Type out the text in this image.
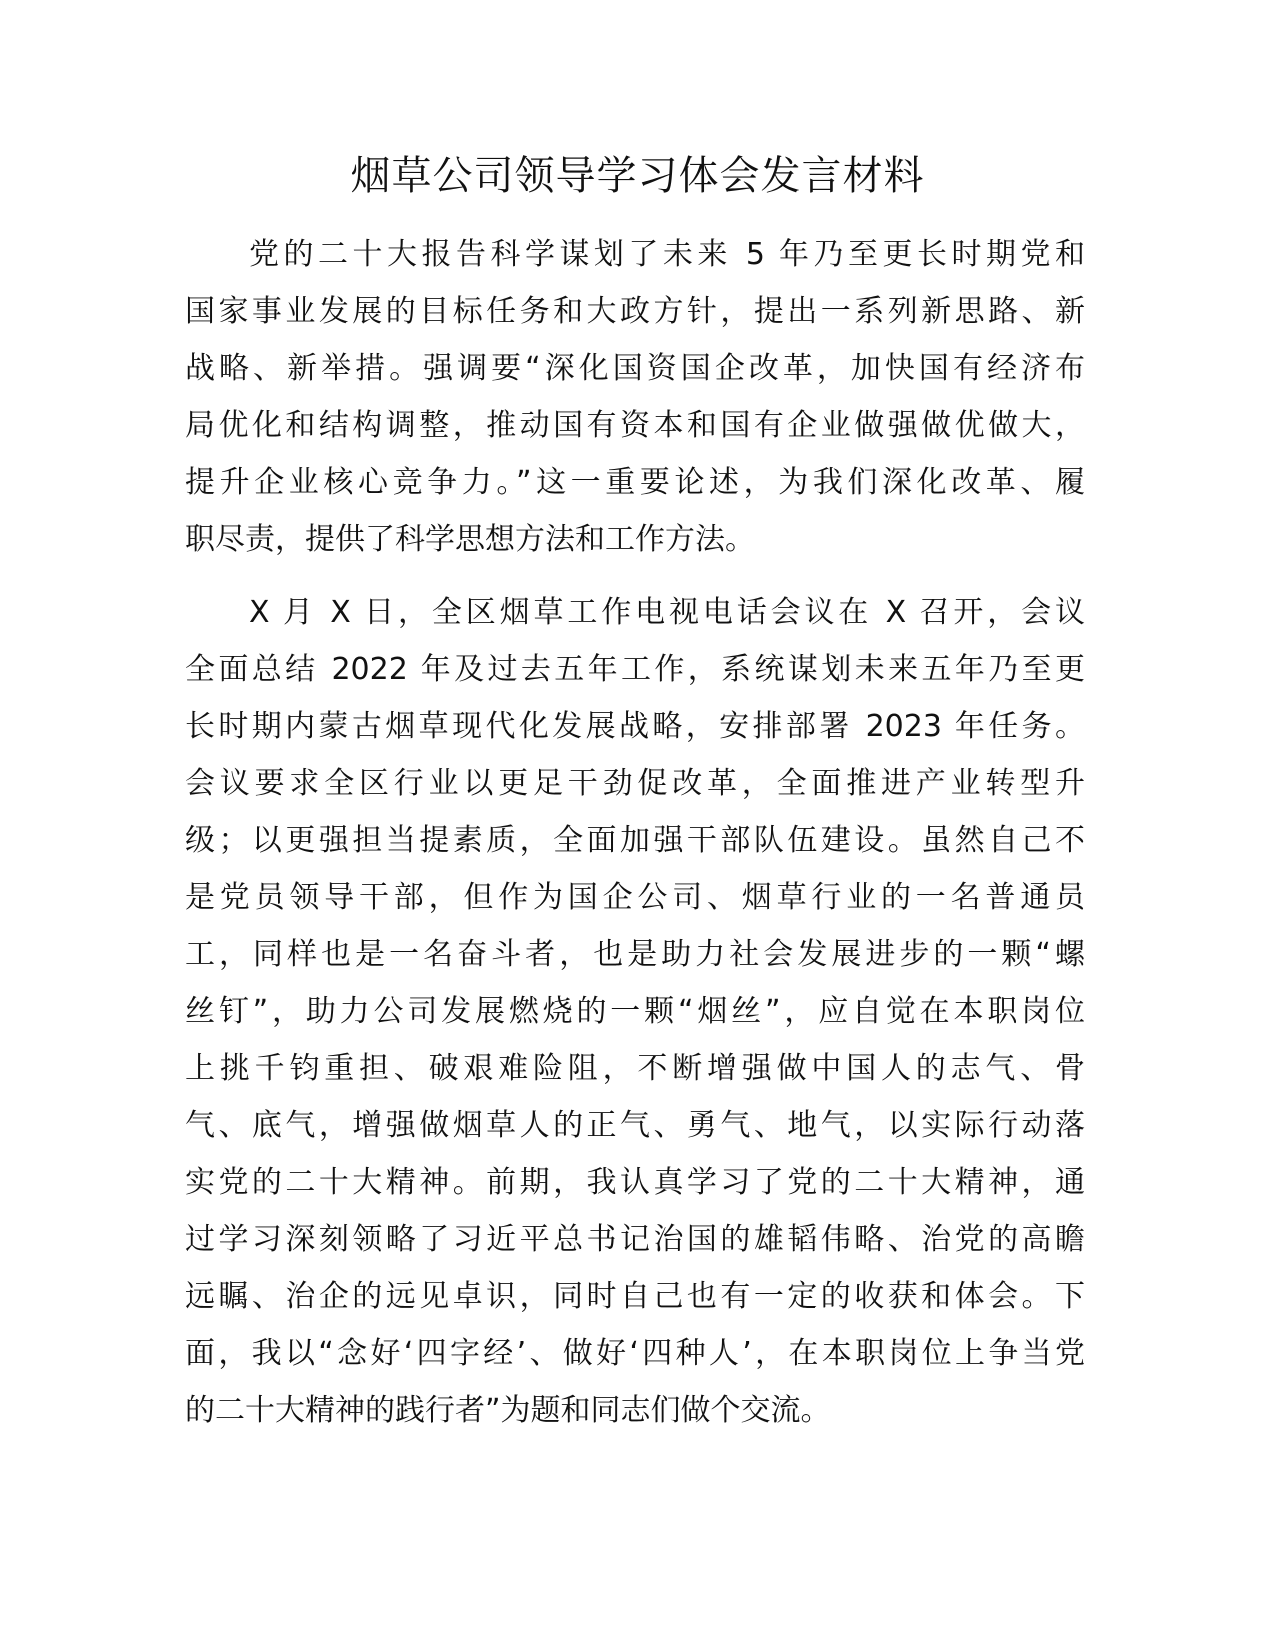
烟草公司领导学习体会发言材料

党的二十大报告科学谋划了未来 5 年乃至更长时期党和
国家事业发展的目标任务和大政方针，提出一系列新思路、新
战略、新举措。强调要“深化国资国企改革，加快国有经济布
局优化和结构调整，推动国有资本和国有企业做强做优做大，
提升企业核心竞争力。”这一重要论述，为我们深化改革、履
职尽责，提供了科学思想方法和工作方法。

X 月 X 日，全区烟草工作电视电话会议在 X 召开，会议
全面总结 2022 年及过去五年工作，系统谋划未来五年乃至更
长时期内蒙古烟草现代化发展战略，安排部署 2023 年任务。
会议要求全区行业以更足干劲促改革，全面推进产业转型升
级；以更强担当提素质，全面加强干部队伍建设。虽然自己不
是党员领导干部，但作为国企公司、烟草行业的一名普通员
工，同样也是一名奋斗者，也是助力社会发展进步的一颗“螺
丝钉”，助力公司发展燃烧的一颗“烟丝”，应自觉在本职岗位
上挑千钧重担、破艰难险阻，不断增强做中国人的志气、骨
气、底气，增强做烟草人的正气、勇气、地气，以实际行动落
实党的二十大精神。前期，我认真学习了党的二十大精神，通
过学习深刻领略了习近平总书记治国的雄韬伟略、治党的高瞻
远瞩、治企的远见卓识，同时自己也有一定的收获和体会。下
面，我以“念好‘四字经’、做好‘四种人’，在本职岗位上争当党
的二十大精神的践行者”为题和同志们做个交流。
